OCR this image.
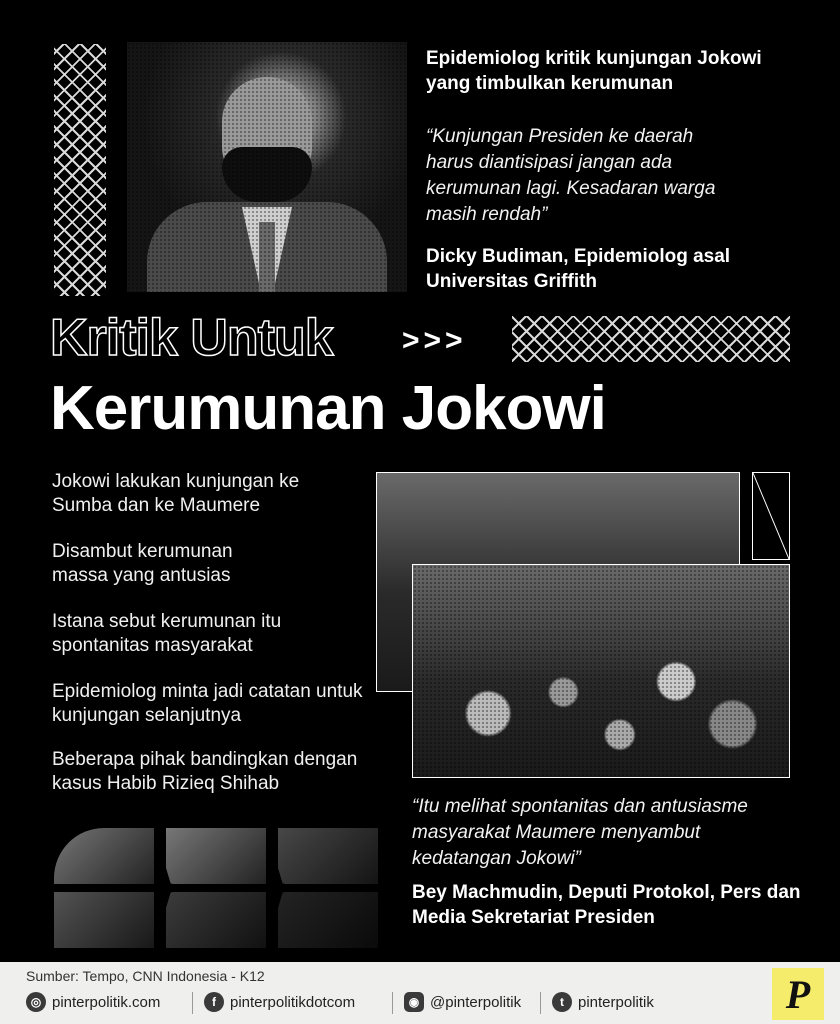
Epidemiolog kritik kunjungan Jokowi yang timbulkan kerumunan
“Kunjungan Presiden ke daerah harus diantisipasi jangan ada kerumunan lagi. Kesadaran warga masih rendah”
Dicky Budiman, Epidemiolog asal Universitas Griffith
Kritik Untuk >>>
Kerumunan Jokowi
Jokowi lakukan kunjungan ke Sumba dan ke Maumere
Disambut kerumunan massa yang antusias
Istana sebut kerumunan itu spontanitas masyarakat
Epidemiolog minta jadi catatan untuk kunjungan selanjutnya
Beberapa pihak bandingkan dengan kasus Habib Rizieq Shihab
“Itu melihat spontanitas dan antusiasme masyarakat Maumere menyambut kedatangan Jokowi”
Bey Machmudin, Deputi Protokol, Pers dan Media Sekretariat Presiden
Sumber: Tempo, CNN Indonesia - K12
◎ pinterpolitik.com	f pinterpolitikdotcom	◉ @pinterpolitik	t pinterpolitik	P
